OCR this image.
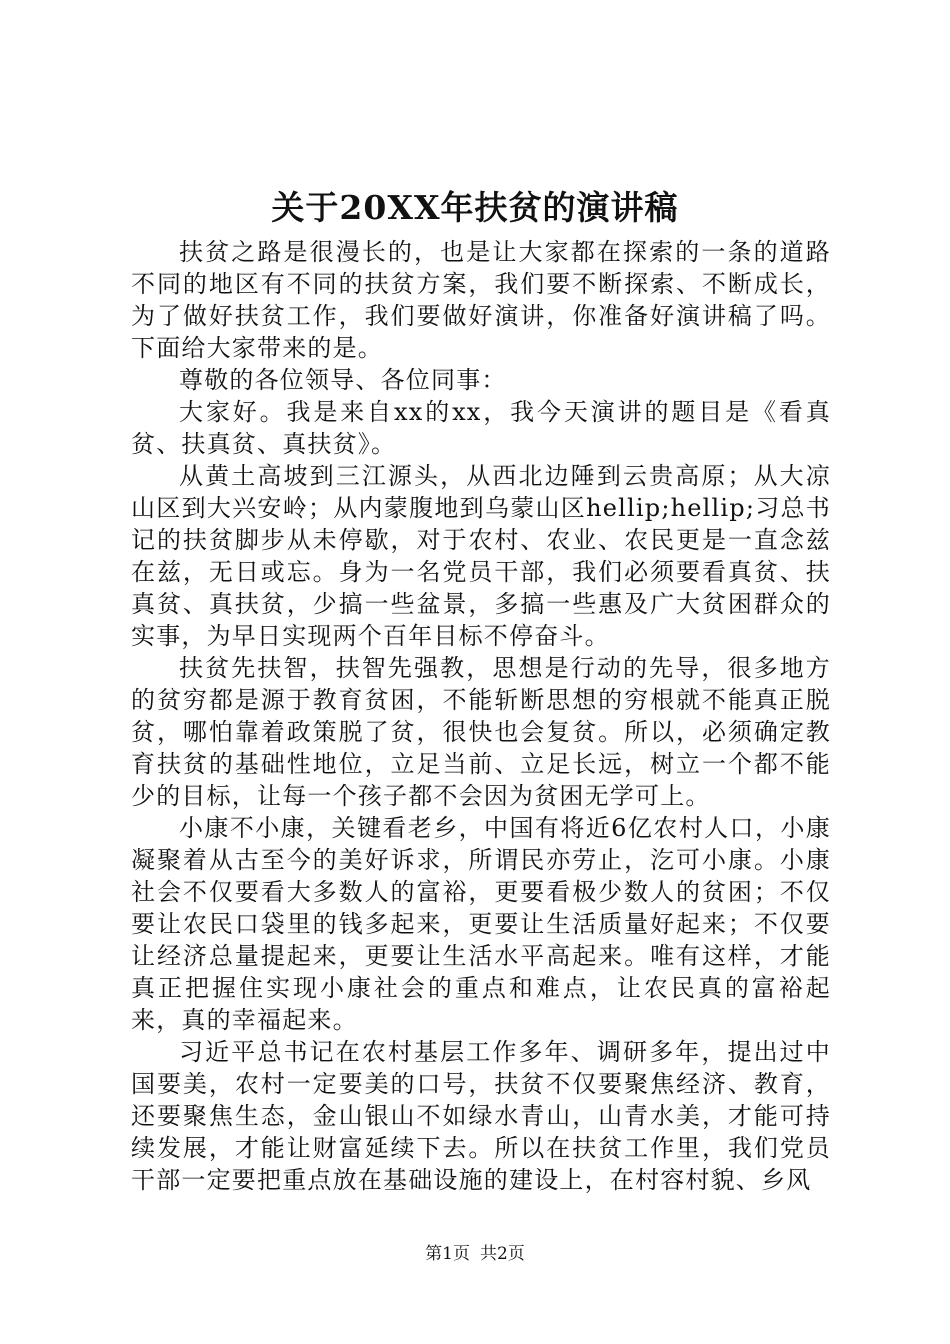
关于20XX年扶贫的演讲稿

扶贫之路是很漫长的，也是让大家都在探索的一条的道路不同的地区有不同的扶贫方案，我们要不断探索、不断成长，为了做好扶贫工作，我们要做好演讲，你准备好演讲稿了吗。下面给大家带来的是。

尊敬的各位领导、各位同事：

大家好。我是来自xx的xx，我今天演讲的题目是《看真贫、扶真贫、真扶贫》。

从黄土高坡到三江源头，从西北边陲到云贵高原；从大凉山区到大兴安岭；从内蒙腹地到乌蒙山区hellip;hellip;习总书记的扶贫脚步从未停歇，对于农村、农业、农民更是一直念兹在兹，无日或忘。身为一名党员干部，我们必须要看真贫、扶真贫、真扶贫，少搞一些盆景，多搞一些惠及广大贫困群众的实事，为早日实现两个百年目标不停奋斗。

扶贫先扶智，扶智先强教，思想是行动的先导，很多地方的贫穷都是源于教育贫困，不能斩断思想的穷根就不能真正脱贫，哪怕靠着政策脱了贫，很快也会复贫。所以，必须确定教育扶贫的基础性地位，立足当前、立足长远，树立一个都不能少的目标，让每一个孩子都不会因为贫困无学可上。

小康不小康，关键看老乡，中国有将近6亿农村人口，小康凝聚着从古至今的美好诉求，所谓民亦劳止，汔可小康。小康社会不仅要看大多数人的富裕，更要看极少数人的贫困；不仅要让农民口袋里的钱多起来，更要让生活质量好起来；不仅要让经济总量提起来，更要让生活水平高起来。唯有这样，才能真正把握住实现小康社会的重点和难点，让农民真的富裕起来，真的幸福起来。

习近平总书记在农村基层工作多年、调研多年，提出过中国要美，农村一定要美的口号，扶贫不仅要聚焦经济、教育，还要聚焦生态，金山银山不如绿水青山，山青水美，才能可持续发展，才能让财富延续下去。所以在扶贫工作里，我们党员干部一定要把重点放在基础设施的建设上，在村容村貌、乡风

第1页 共2页
